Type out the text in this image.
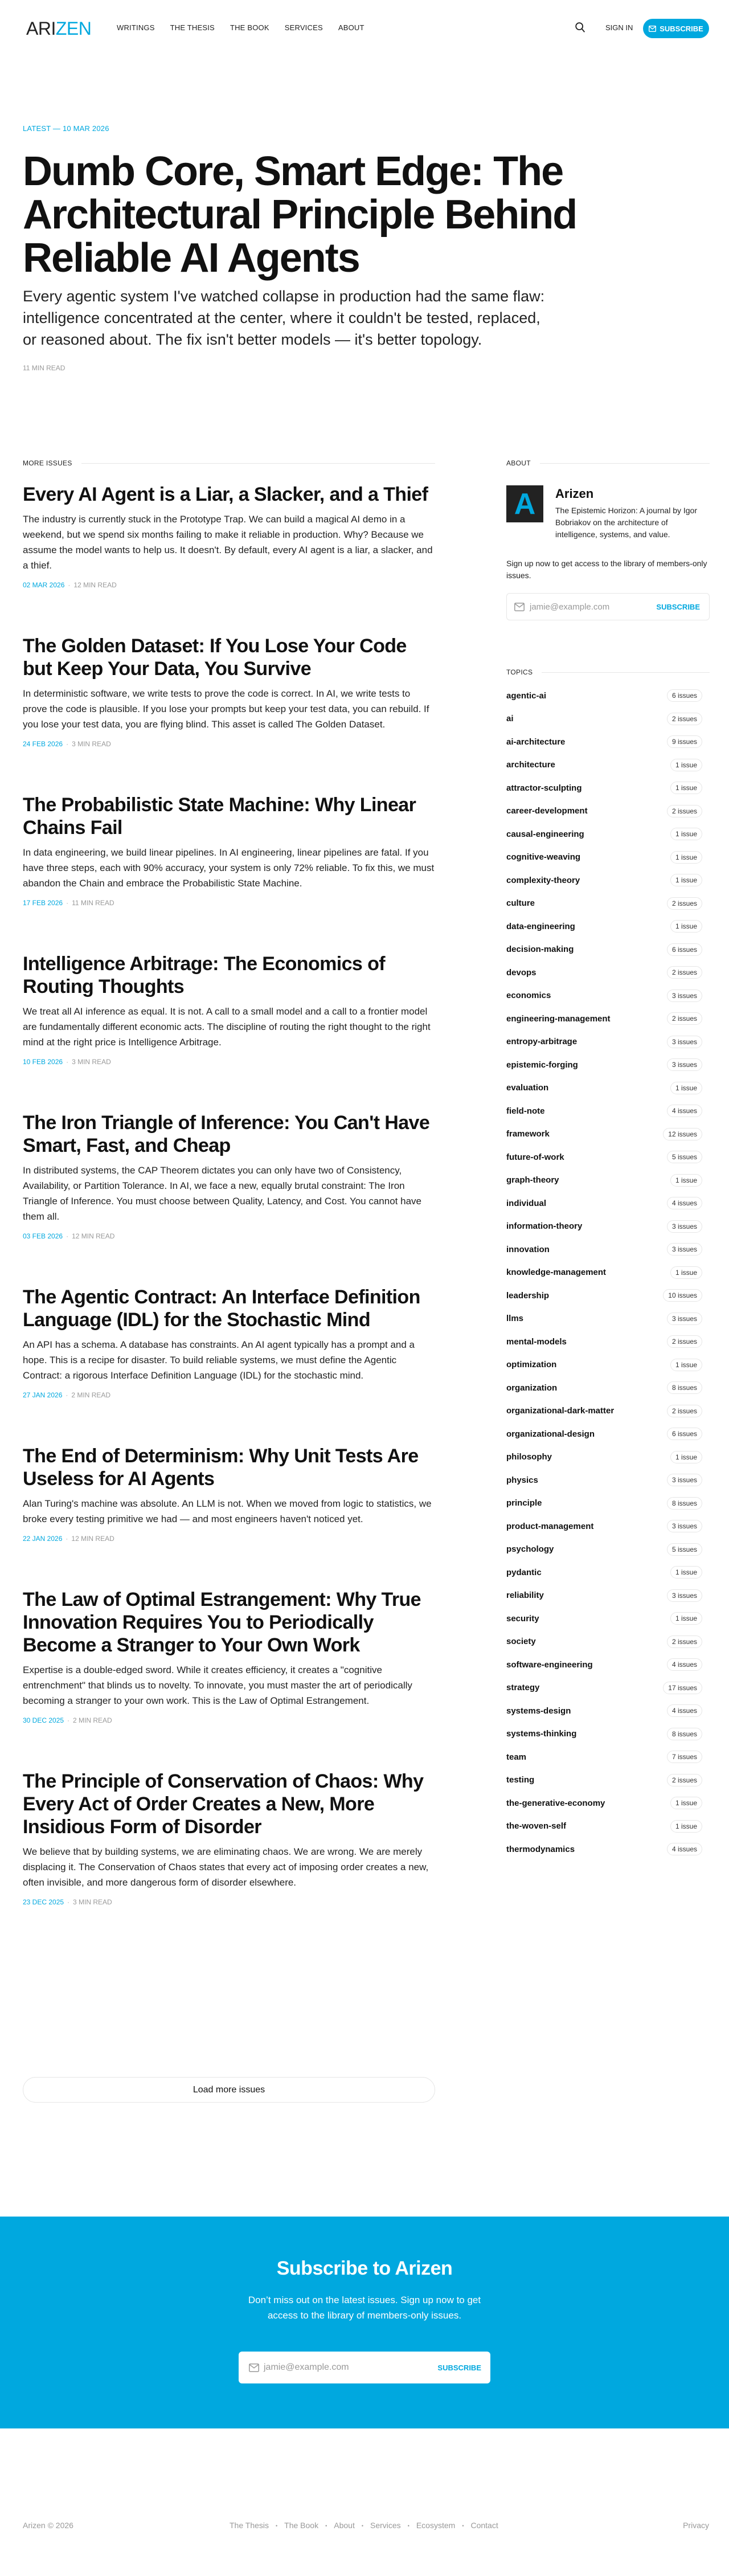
ARIZEN	WRITINGS THE THESIS THE BOOK SERVICES ABOUT	SIGN IN	SUBSCRIBE
LATEST — 10 MAR 2026
Dumb Core, Smart Edge: The Architectural Principle Behind Reliable AI Agents

Every agentic system I've watched collapse in production had the same flaw: intelligence concentrated at the center, where it couldn't be tested, replaced, or reasoned about. The fix isn't better models — it's better topology.

11 MIN READ
MORE ISSUES
Every AI Agent is a Liar, a Slacker, and a Thief

The industry is currently stuck in the Prototype Trap. We can build a magical AI demo in a weekend, but we spend six months failing to make it reliable in production. Why? Because we assume the model wants to help us. It doesn't. By default, every AI agent is a liar, a slacker, and a thief.

02 MAR 2026 · 12 MIN READ
The Golden Dataset: If You Lose Your Code but Keep Your Data, You Survive

In deterministic software, we write tests to prove the code is correct. In AI, we write tests to prove the code is plausible. If you lose your prompts but keep your test data, you can rebuild. If you lose your test data, you are flying blind. This asset is called The Golden Dataset.

24 FEB 2026 · 3 MIN READ
The Probabilistic State Machine: Why Linear Chains Fail

In data engineering, we build linear pipelines. In AI engineering, linear pipelines are fatal. If you have three steps, each with 90% accuracy, your system is only 72% reliable. To fix this, we must abandon the Chain and embrace the Probabilistic State Machine.

17 FEB 2026 · 11 MIN READ
Intelligence Arbitrage: The Economics of Routing Thoughts

We treat all AI inference as equal. It is not. A call to a small model and a call to a frontier model are fundamentally different economic acts. The discipline of routing the right thought to the right mind at the right price is Intelligence Arbitrage.

10 FEB 2026 · 3 MIN READ
The Iron Triangle of Inference: You Can't Have Smart, Fast, and Cheap

In distributed systems, the CAP Theorem dictates you can only have two of Consistency, Availability, or Partition Tolerance. In AI, we face a new, equally brutal constraint: The Iron Triangle of Inference. You must choose between Quality, Latency, and Cost. You cannot have them all.

03 FEB 2026 · 12 MIN READ
The Agentic Contract: An Interface Definition Language (IDL) for the Stochastic Mind

An API has a schema. A database has constraints. An AI agent typically has a prompt and a hope. This is a recipe for disaster. To build reliable systems, we must define the Agentic Contract: a rigorous Interface Definition Language (IDL) for the stochastic mind.

27 JAN 2026 · 2 MIN READ
The End of Determinism: Why Unit Tests Are Useless for AI Agents

Alan Turing's machine was absolute. An LLM is not. When we moved from logic to statistics, we broke every testing primitive we had — and most engineers haven't noticed yet.

22 JAN 2026 · 12 MIN READ
The Law of Optimal Estrangement: Why True Innovation Requires You to Periodically Become a Stranger to Your Own Work

Expertise is a double-edged sword. While it creates efficiency, it creates a "cognitive entrenchment" that blinds us to novelty. To innovate, you must master the art of periodically becoming a stranger to your own work. This is the Law of Optimal Estrangement.

30 DEC 2025 · 2 MIN READ
The Principle of Conservation of Chaos: Why Every Act of Order Creates a New, More Insidious Form of Disorder

We believe that by building systems, we are eliminating chaos. We are wrong. We are merely displacing it. The Conservation of Chaos states that every act of imposing order creates a new, often invisible, and more dangerous form of disorder elsewhere.

23 DEC 2025 · 3 MIN READ
Load more issues
ABOUT
A	Arizen

The Epistemic Horizon: A journal by Igor Bobriakov on the architecture of intelligence, systems, and value.

Sign up now to get access to the library of members-only issues.

jamie@example.com	SUBSCRIBE
TOPICS
agentic-ai	6 issues
ai	2 issues
ai-architecture	9 issues
architecture	1 issue
attractor-sculpting	1 issue
career-development	2 issues
causal-engineering	1 issue
cognitive-weaving	1 issue
complexity-theory	1 issue
culture	2 issues
data-engineering	1 issue
decision-making	6 issues
devops	2 issues
economics	3 issues
engineering-management	2 issues
entropy-arbitrage	3 issues
epistemic-forging	3 issues
evaluation	1 issue
field-note	4 issues
framework	12 issues
future-of-work	5 issues
graph-theory	1 issue
individual	4 issues
information-theory	3 issues
innovation	3 issues
knowledge-management	1 issue
leadership	10 issues
llms	3 issues
mental-models	2 issues
optimization	1 issue
organization	8 issues
organizational-dark-matter	2 issues
organizational-design	6 issues
philosophy	1 issue
physics	3 issues
principle	8 issues
product-management	3 issues
psychology	5 issues
pydantic	1 issue
reliability	3 issues
security	1 issue
society	2 issues
software-engineering	4 issues
strategy	17 issues
systems-design	4 issues
systems-thinking	8 issues
team	7 issues
testing	2 issues
the-generative-economy	1 issue
the-woven-self	1 issue
thermodynamics	4 issues
Subscribe to Arizen

Don’t miss out on the latest issues. Sign up now to get access to the library of members-only issues.

jamie@example.com	SUBSCRIBE
Arizen © 2026	The Thesis • The Book • About • Services • Ecosystem • Contact	Privacy
